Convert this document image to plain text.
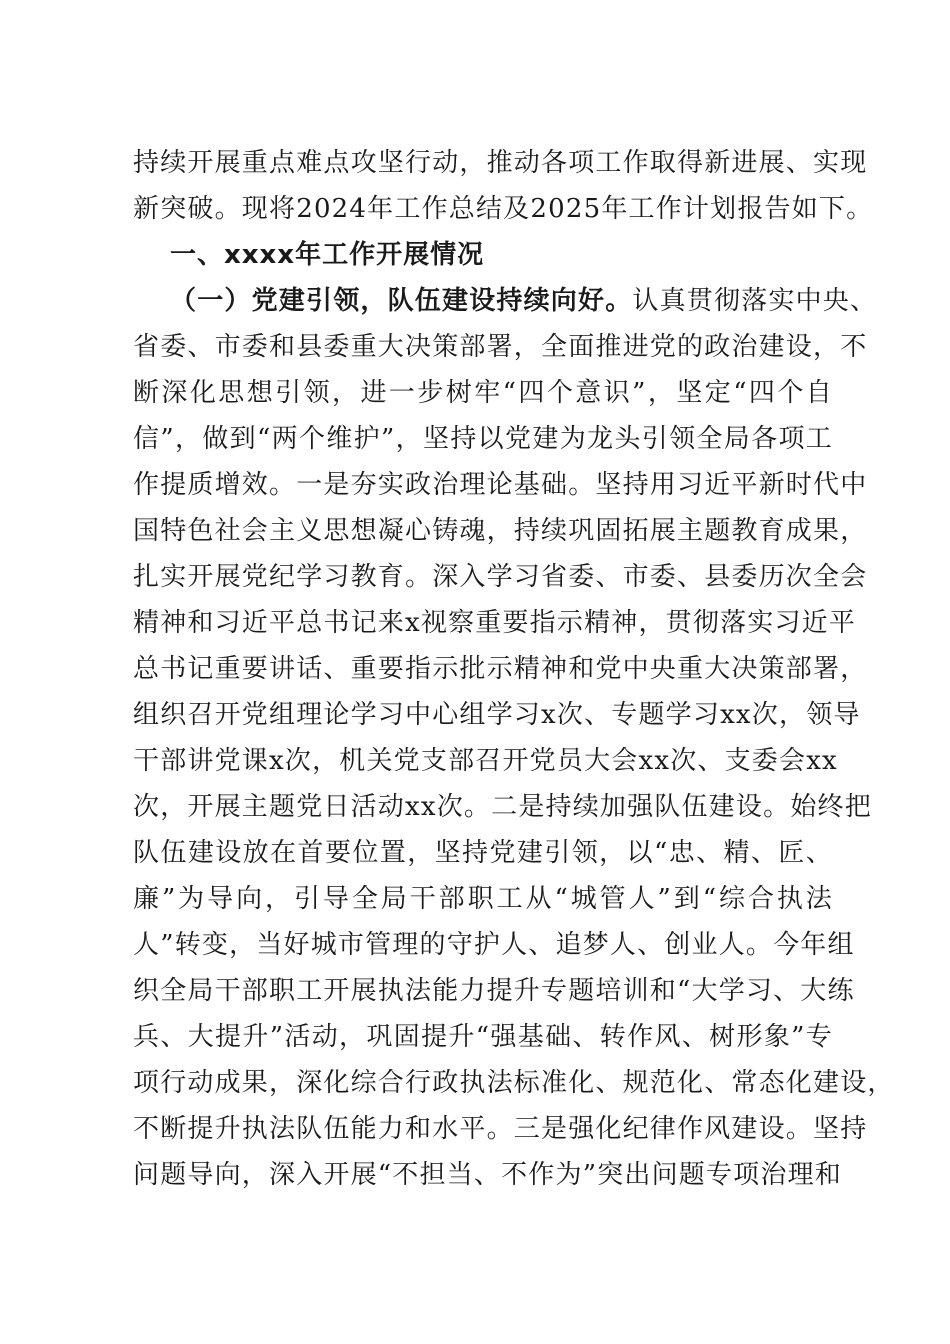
持续开展重点难点攻坚行动，推动各项工作取得新进展、实现
新突破。现将2024年工作总结及2025年工作计划报告如下。
一、xxxx年工作开展情况
（一）党建引领，队伍建设持续向好。认真贯彻落实中央、
省委、市委和县委重大决策部署，全面推进党的政治建设，不
断深化思想引领，进一步树牢“四个意识”，坚定“四个自
信”，做到“两个维护”，坚持以党建为龙头引领全局各项工
作提质增效。一是夯实政治理论基础。坚持用习近平新时代中
国特色社会主义思想凝心铸魂，持续巩固拓展主题教育成果，
扎实开展党纪学习教育。深入学习省委、市委、县委历次全会
精神和习近平总书记来x视察重要指示精神，贯彻落实习近平
总书记重要讲话、重要指示批示精神和党中央重大决策部署，
组织召开党组理论学习中心组学习x次、专题学习xx次，领导
干部讲党课x次，机关党支部召开党员大会xx次、支委会xx
次，开展主题党日活动xx次。二是持续加强队伍建设。始终把
队伍建设放在首要位置，坚持党建引领，以“忠、精、匠、
廉”为导向，引导全局干部职工从“城管人”到“综合执法
人”转变，当好城市管理的守护人、追梦人、创业人。今年组
织全局干部职工开展执法能力提升专题培训和“大学习、大练
兵、大提升”活动，巩固提升“强基础、转作风、树形象”专
项行动成果，深化综合行政执法标准化、规范化、常态化建设，
不断提升执法队伍能力和水平。三是强化纪律作风建设。坚持
问题导向，深入开展“不担当、不作为”突出问题专项治理和
